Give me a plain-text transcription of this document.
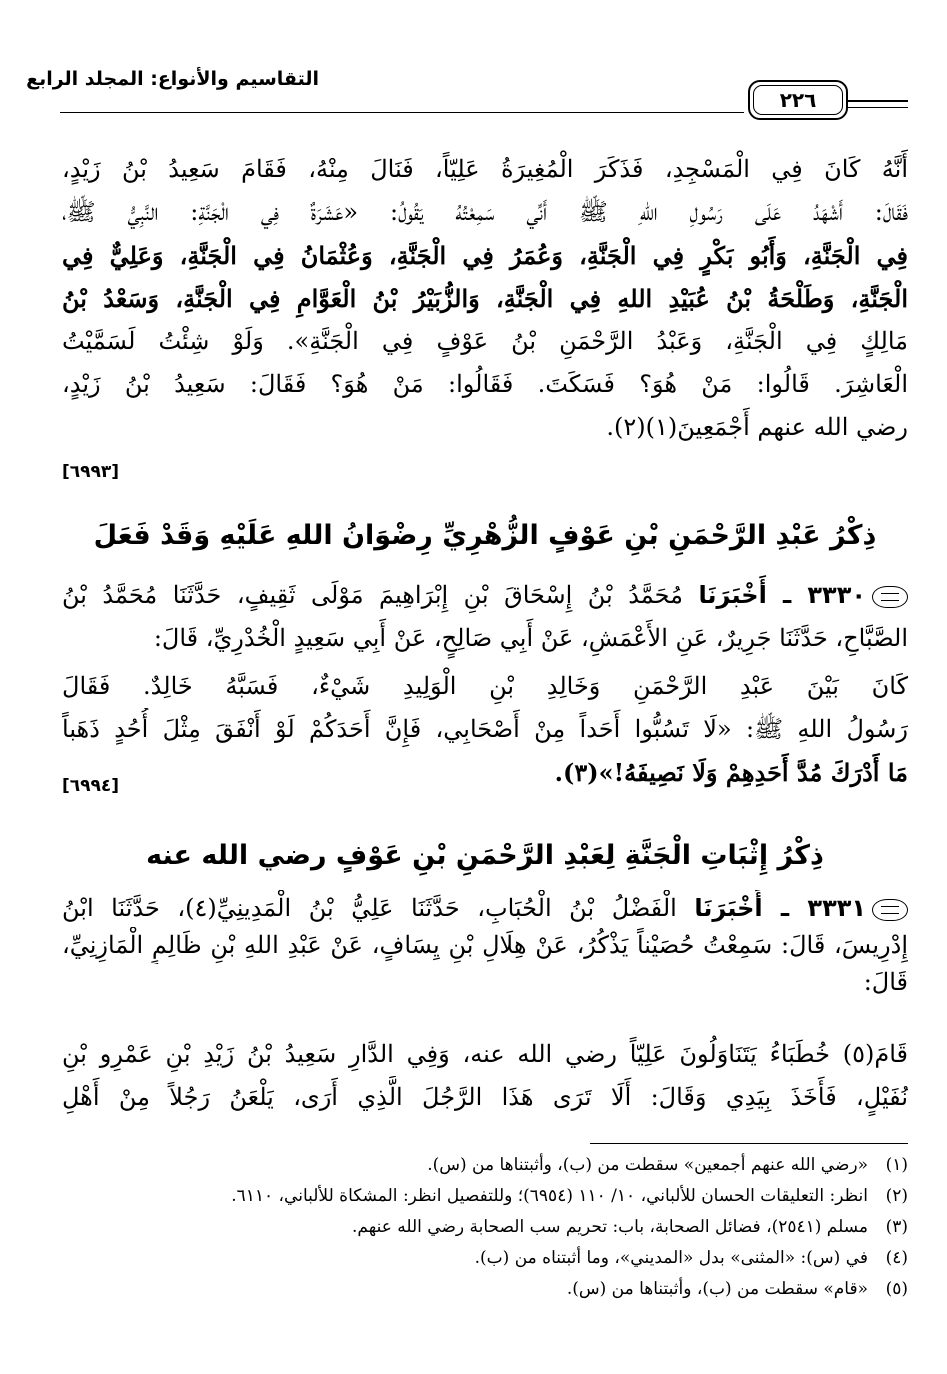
التقاسيم والأنواع: المجلد الرابع
٢٢٦
أَنَّهُ كَانَ فِي الْمَسْجِدِ، فَذَكَرَ الْمُغِيرَةُ عَلِيّاً، فَنَالَ مِنْهُ، فَقَامَ سَعِيدُ بْنُ زَيْدٍ،
فَقَالَ: أَشْهَدُ عَلَى رَسُولِ اللهِ ﷺ أَنِّي سَمِعْتُهُ يَقُولُ: «عَشَرَةٌ فِي الْجَنَّةِ: النَّبِيُّ ﷺ،
فِي الْجَنَّةِ، وَأَبُو بَكْرٍ فِي الْجَنَّةِ، وَعُمَرُ فِي الْجَنَّةِ، وَعُثْمَانُ فِي الْجَنَّةِ، وَعَلِيٌّ فِي
الْجَنَّةِ، وَطَلْحَةُ بْنُ عُبَيْدِ اللهِ فِي الْجَنَّةِ، وَالزُّبَيْرُ بْنُ الْعَوَّامِ فِي الْجَنَّةِ، وَسَعْدُ بْنُ
مَالِكٍ فِي الْجَنَّةِ، وَعَبْدُ الرَّحْمَنِ بْنُ عَوْفٍ فِي الْجَنَّةِ». وَلَوْ شِئْتُ لَسَمَّيْتُ
الْعَاشِرَ. قَالُوا: مَنْ هُوَ؟ فَسَكَتَ. فَقَالُوا: مَنْ هُوَ؟ فَقَالَ: سَعِيدُ بْنُ زَيْدٍ،
رضي الله عنهم أَجْمَعِينَ(١)(٢).
[٦٩٩٣]
ذِكْرُ عَبْدِ الرَّحْمَنِ بْنِ عَوْفٍ الزُّهْرِيِّ رِضْوَانُ اللهِ عَلَيْهِ وَقَدْ فَعَلَ
٣٣٣٠ ـ أَخْبَرَنَا مُحَمَّدُ بْنُ إِسْحَاقَ بْنِ إِبْرَاهِيمَ مَوْلَى ثَقِيفٍ، حَدَّثَنَا مُحَمَّدُ بْنُ
الصَّبَّاحِ، حَدَّثَنَا جَرِيرٌ، عَنِ الأَعْمَشِ، عَنْ أَبِي صَالِحٍ، عَنْ أَبِي سَعِيدٍ الْخُدْرِيِّ، قَالَ:
كَانَ بَيْنَ عَبْدِ الرَّحْمَنِ وَخَالِدِ بْنِ الْوَلِيدِ شَيْءٌ، فَسَبَّهُ خَالِدٌ. فَقَالَ
رَسُولُ اللهِ ﷺ: «لَا تَسُبُّوا أَحَداً مِنْ أَصْحَابِي، فَإِنَّ أَحَدَكُمْ لَوْ أَنْفَقَ مِثْلَ أُحُدٍ ذَهَباً
مَا أَدْرَكَ مُدَّ أَحَدِهِمْ وَلَا نَصِيفَهُ!»(٣).
[٦٩٩٤]
ذِكْرُ إِثْبَاتِ الْجَنَّةِ لِعَبْدِ الرَّحْمَنِ بْنِ عَوْفٍ رضي الله عنه
٣٣٣١ ـ أَخْبَرَنَا الْفَضْلُ بْنُ الْحُبَابِ، حَدَّثَنَا عَلِيُّ بْنُ الْمَدِينِيِّ(٤)، حَدَّثَنَا ابْنُ
إِدْرِيسَ، قَالَ: سَمِعْتُ حُصَيْناً يَذْكُرُ، عَنْ هِلَالِ بْنِ يِسَافٍ، عَنْ عَبْدِ اللهِ بْنِ ظَالِمٍ الْمَازِنِيِّ،
قَالَ:
قَامَ(٥) خُطَبَاءُ يَتَنَاوَلُونَ عَلِيّاً رضي الله عنه، وَفِي الدَّارِ سَعِيدُ بْنُ زَيْدِ بْنِ عَمْرِو بْنِ
نُفَيْلٍ، فَأَخَذَ بِيَدِي وَقَالَ: أَلَا تَرَى هَذَا الرَّجُلَ الَّذِي أَرَى، يَلْعَنُ رَجُلاً مِنْ أَهْلِ
(١)«رضي الله عنهم أجمعين» سقطت من (ب)، وأثبتناها من (س).
(٢)انظر: التعليقات الحسان للألباني، ١٠/ ١١٠ (٦٩٥٤)؛ وللتفصيل انظر: المشكاة للألباني، ٦١١٠.
(٣)مسلم (٢٥٤١)، فضائل الصحابة، باب: تحريم سب الصحابة رضي الله عنهم.
(٤)في (س): «المثنى» بدل «المديني»، وما أثبتناه من (ب).
(٥)«قام» سقطت من (ب)، وأثبتناها من (س).
